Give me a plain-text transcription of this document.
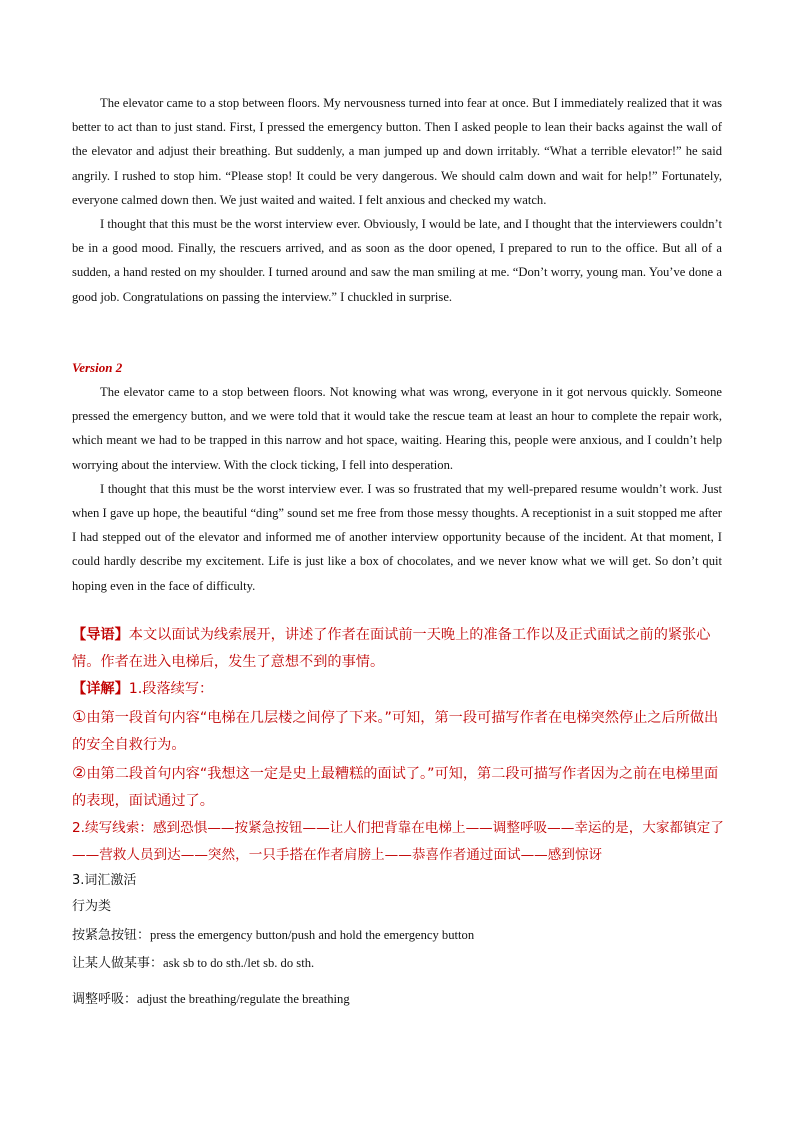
The elevator came to a stop between floors. My nervousness turned into fear at once. But I immediately realized that it was better to act than to just stand. First, I pressed the emergency button. Then I asked people to lean their backs against the wall of the elevator and adjust their breathing. But suddenly, a man jumped up and down irritably. “What a terrible elevator!” he said angrily. I rushed to stop him. “Please stop! It could be very dangerous. We should calm down and wait for help!” Fortunately, everyone calmed down then. We just waited and waited. I felt anxious and checked my watch.

I thought that this must be the worst interview ever. Obviously, I would be late, and I thought that the interviewers couldn’t be in a good mood. Finally, the rescuers arrived, and as soon as the door opened, I prepared to run to the office. But all of a sudden, a hand rested on my shoulder. I turned around and saw the man smiling at me. “Don’t worry, young man. You’ve done a good job. Congratulations on passing the interview.” I chuckled in surprise.

Version 2

The elevator came to a stop between floors. Not knowing what was wrong, everyone in it got nervous quickly. Someone pressed the emergency button, and we were told that it would take the rescue team at least an hour to complete the repair work, which meant we had to be trapped in this narrow and hot space, waiting. Hearing this, people were anxious, and I couldn’t help worrying about the interview. With the clock ticking, I fell into desperation.

I thought that this must be the worst interview ever. I was so frustrated that my well-prepared resume wouldn’t work. Just when I gave up hope, the beautiful “ding” sound set me free from those messy thoughts. A receptionist in a suit stopped me after I had stepped out of the elevator and informed me of another interview opportunity because of the incident. At that moment, I could hardly describe my excitement. Life is just like a box of chocolates, and we never know what we will get. So don’t quit hoping even in the face of difficulty.

【导语】本文以面试为线索展开，讲述了作者在面试前一天晚上的准备工作以及正式面试之前的紧张心情。作者在进入电梯后，发生了意想不到的事情。
【详解】1.段落续写：
①由第一段首句内容“电梯在几层楼之间停了下来。”可知，第一段可描写作者在电梯突然停止之后所做出的安全自救行为。
②由第二段首句内容“我想这一定是史上最糟糕的面试了。”可知，第二段可描写作者因为之前在电梯里面的表现，面试通过了。
2.续写线索：感到恐惧——按紧急按钮——让人们把背靠在电梯上——调整呼吸——幸运的是，大家都镇定了——营救人员到达——突然，一只手搭在作者肩膀上——恭喜作者通过面试——感到惊讶
3.词汇激活
行为类
按紧急按钮：press the emergency button/push and hold the emergency button
让某人做某事：ask sb to do sth./let sb. do sth.
调整呼吸：adjust the breathing/regulate the breathing
